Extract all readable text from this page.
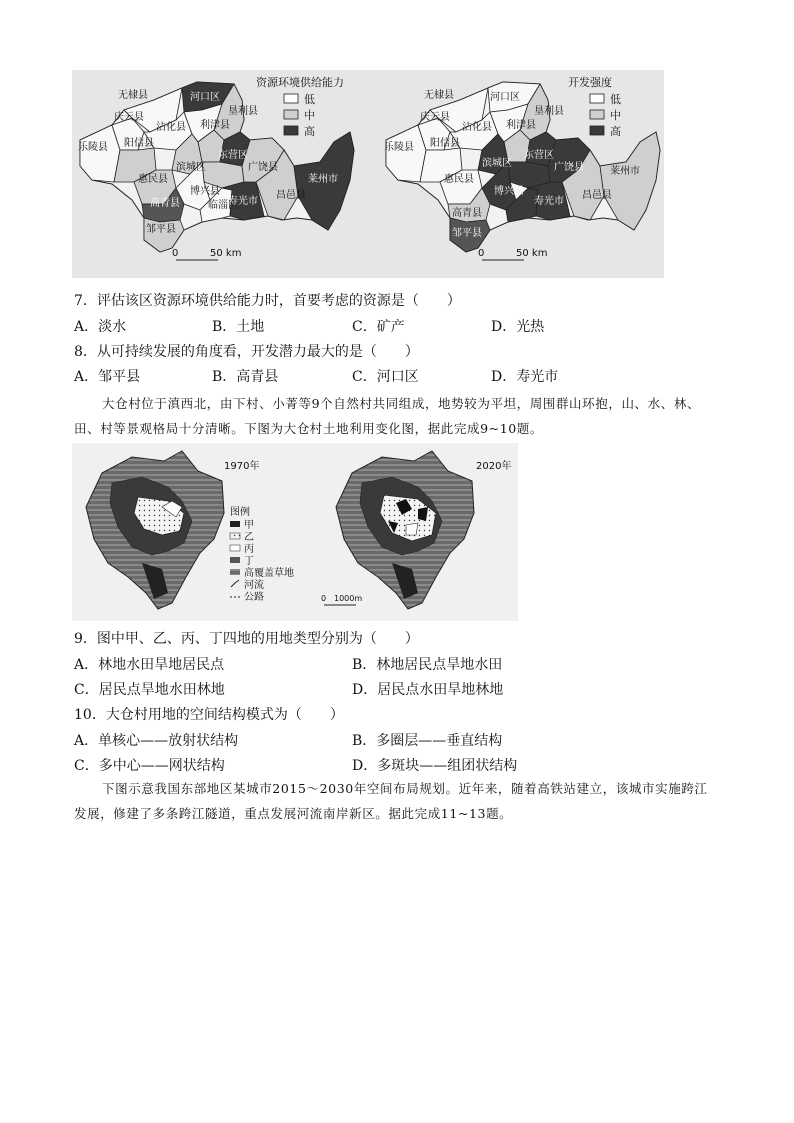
无棣县
乐陵县
庆云县
阳信县
沾化县
河口区
利津县
垦利县
广饶县
东营区
滨城区
惠民县
博兴县
临淄区
寿光市
昌邑县
莱州市
高青县
邹平县
资源环境供给能力
低
中
高
0	50 km
无棣县	河口区
乐陵县
庆云县
阳信县
沾化县 利津县
垦利县
东营区
滨城区
惠民县
博兴县
高青县
广饶县
寿光市
昌邑县
莱州市
邹平县
开发强度
低
中
高
0	50 km
7．评估该区资源环境供给能力时，首要考虑的资源是（　　）
A．淡水	B．土地	C．矿产	D．光热
8．从可持续发展的角度看，开发潜力最大的是（　　）
A．邹平县	B．高青县	C．河口区	D．寿光市
大仓村位于滇西北，由下村、小菁等9个自然村共同组成，地势较为平坦，周围群山环抱，山、水、林、田、村等景观格局十分清晰。下图为大仓村土地利用变化图，据此完成9~10题。
1970年
图例
甲
乙
丙
丁
高覆盖草地
河流
公路	0 1000m
2020年
9．图中甲、乙、丙、丁四地的用地类型分别为（　　）
A．林地水田旱地居民点	B．林地居民点旱地水田
C．居民点旱地水田林地	D．居民点水田旱地林地
10．大仓村用地的空间结构模式为（　　）
A．单核心——放射状结构	B．多圈层——垂直结构
C．多中心——网状结构	D．多斑块——组团状结构
下图示意我国东部地区某城市2015～2030年空间布局规划。近年来，随着高铁站建立，该城市实施跨江发展，修建了多条跨江隧道，重点发展河流南岸新区。据此完成11~13题。
